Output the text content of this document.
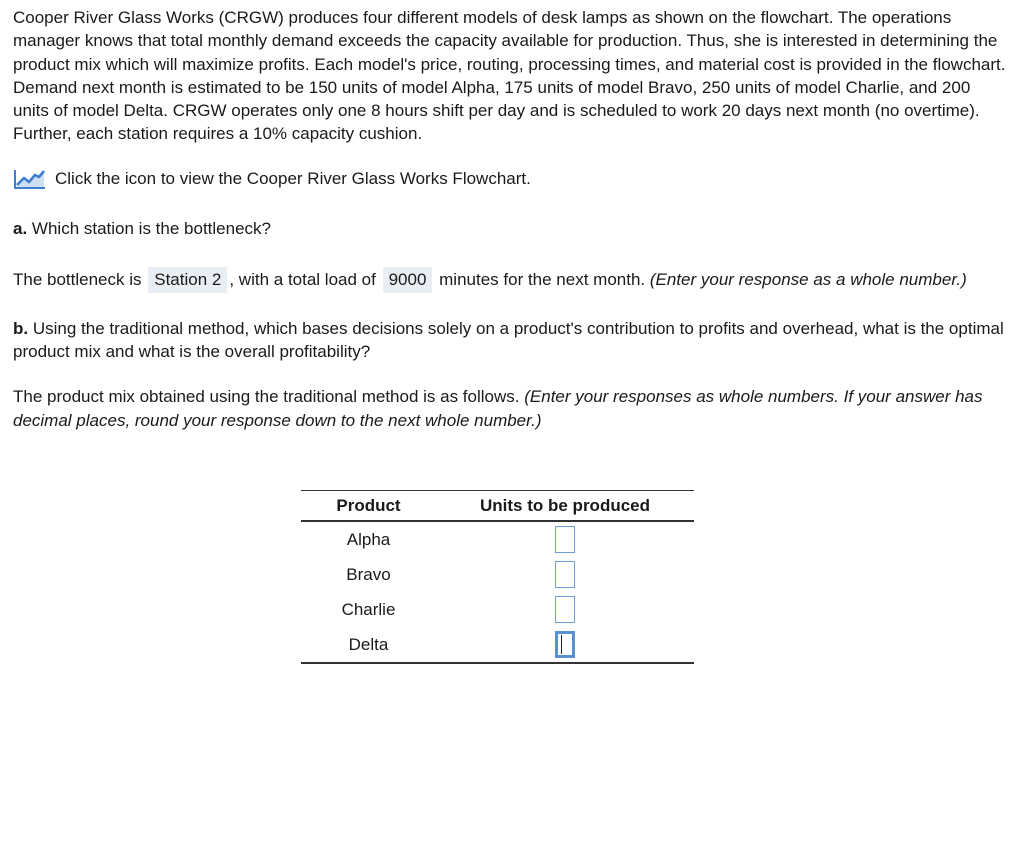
Cooper River Glass Works (CRGW) produces four different models of desk lamps as shown on the flowchart. The operations manager knows that total monthly demand exceeds the capacity available for production. Thus, she is interested in determining the product mix which will maximize profits. Each model's price, routing, processing times, and material cost is provided in the flowchart. Demand next month is estimated to be 150 units of model Alpha, 175 units of model Bravo, 250 units of model Charlie, and 200 units of model Delta. CRGW operates only one 8 hours shift per day and is scheduled to work 20 days next month (no overtime). Further, each station requires a 10% capacity cushion.

Click the icon to view the Cooper River Glass Works Flowchart.
a. Which station is the bottleneck?
The bottleneck is Station 2 , with a total load of 9000 minutes for the next month. (Enter your response as a whole number.)
b. Using the traditional method, which bases decisions solely on a product's contribution to profits and overhead, what is the optimal product mix and what is the overall profitability?
The product mix obtained using the traditional method is as follows. (Enter your responses as whole numbers. If your answer has decimal places, round your response down to the next whole number.)
Product	Units to be produced
Alpha	
Bravo	
Charlie	
Delta	
